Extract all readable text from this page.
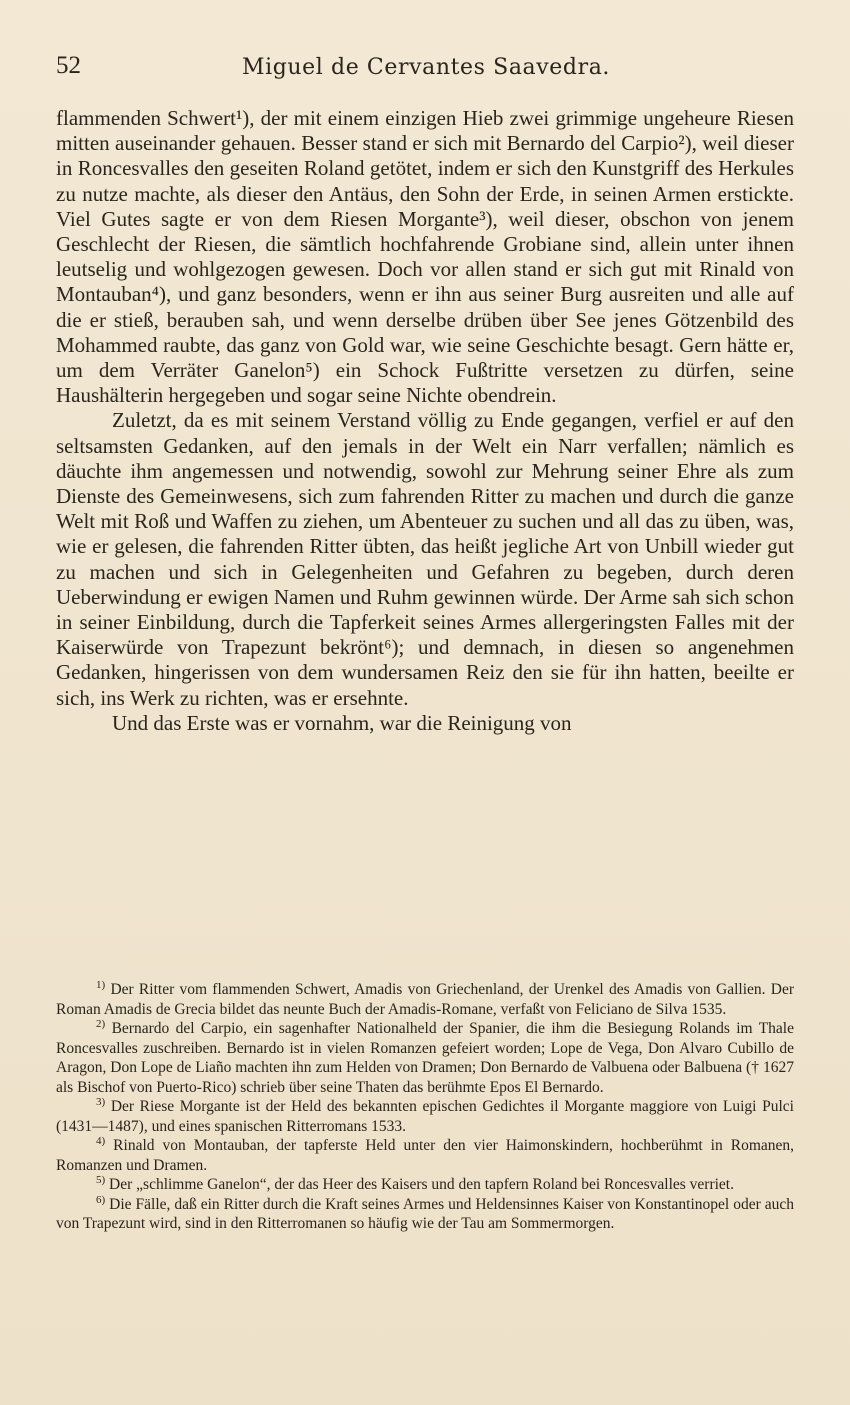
52	Miguel de Cervantes Saavedra.

flammenden Schwert¹), der mit einem einzigen Hieb zwei grimmige ungeheure Riesen mitten auseinander gehauen. Besser stand er sich mit Bernardo del Carpio²), weil dieser in Roncesvalles den geseiten Roland getötet, indem er sich den Kunstgriff des Herkules zu nutze machte, als dieser den Antäus, den Sohn der Erde, in seinen Armen erstickte. Viel Gutes sagte er von dem Riesen Morgante³), weil dieser, obschon von jenem Geschlecht der Riesen, die sämtlich hochfahrende Grobiane sind, allein unter ihnen leutselig und wohlgezogen gewesen. Doch vor allen stand er sich gut mit Rinald von Montauban⁴), und ganz besonders, wenn er ihn aus seiner Burg ausreiten und alle auf die er stieß, berauben sah, und wenn derselbe drüben über See jenes Götzenbild des Mohammed raubte, das ganz von Gold war, wie seine Geschichte besagt. Gern hätte er, um dem Verräter Ganelon⁵) ein Schock Fußtritte versetzen zu dürfen, seine Haushälterin hergegeben und sogar seine Nichte obendrein.

Zuletzt, da es mit seinem Verstand völlig zu Ende gegangen, verfiel er auf den seltsamsten Gedanken, auf den jemals in der Welt ein Narr verfallen; nämlich es däuchte ihm angemessen und notwendig, sowohl zur Mehrung seiner Ehre als zum Dienste des Gemeinwesens, sich zum fahrenden Ritter zu machen und durch die ganze Welt mit Roß und Waffen zu ziehen, um Abenteuer zu suchen und all das zu üben, was, wie er gelesen, die fahrenden Ritter übten, das heißt jegliche Art von Unbill wieder gut zu machen und sich in Gelegenheiten und Gefahren zu begeben, durch deren Ueberwindung er ewigen Namen und Ruhm gewinnen würde. Der Arme sah sich schon in seiner Einbildung, durch die Tapferkeit seines Armes allergeringsten Falles mit der Kaiserwürde von Trapezunt bekrönt⁶); und demnach, in diesen so angenehmen Gedanken, hingerissen von dem wundersamen Reiz den sie für ihn hatten, beeilte er sich, ins Werk zu richten, was er ersehnte.

Und das Erste was er vornahm, war die Reinigung von

$^{1)}$ Der Ritter vom flammenden Schwert, Amadis von Griechenland, der Urenkel des Amadis von Gallien. Der Roman Amadis de Grecia bildet das neunte Buch der Amadis-Romane, verfaßt von Feliciano de Silva 1535.

$^{2)}$ Bernardo del Carpio, ein sagenhafter Nationalheld der Spanier, die ihm die Besiegung Rolands im Thale Roncesvalles zuschreiben. Bernardo ist in vielen Romanzen gefeiert worden; Lope de Vega, Don Alvaro Cubillo de Aragon, Don Lope de Liaño machten ihn zum Helden von Dramen; Don Bernardo de Valbuena oder Balbuena († 1627 als Bischof von Puerto-Rico) schrieb über seine Thaten das berühmte Epos El Bernardo.

$^{3)}$ Der Riese Morgante ist der Held des bekannten epischen Gedichtes il Morgante maggiore von Luigi Pulci (1431—1487), und eines spanischen Ritterromans 1533.

$^{4)}$ Rinald von Montauban, der tapferste Held unter den vier Haimonskindern, hochberühmt in Romanen, Romanzen und Dramen.

$^{5)}$ Der „schlimme Ganelon“, der das Heer des Kaisers und den tapfern Roland bei Roncesvalles verriet.

$^{6)}$ Die Fälle, daß ein Ritter durch die Kraft seines Armes und Heldensinnes Kaiser von Konstantinopel oder auch von Trapezunt wird, sind in den Ritterromanen so häufig wie der Tau am Sommermorgen.
